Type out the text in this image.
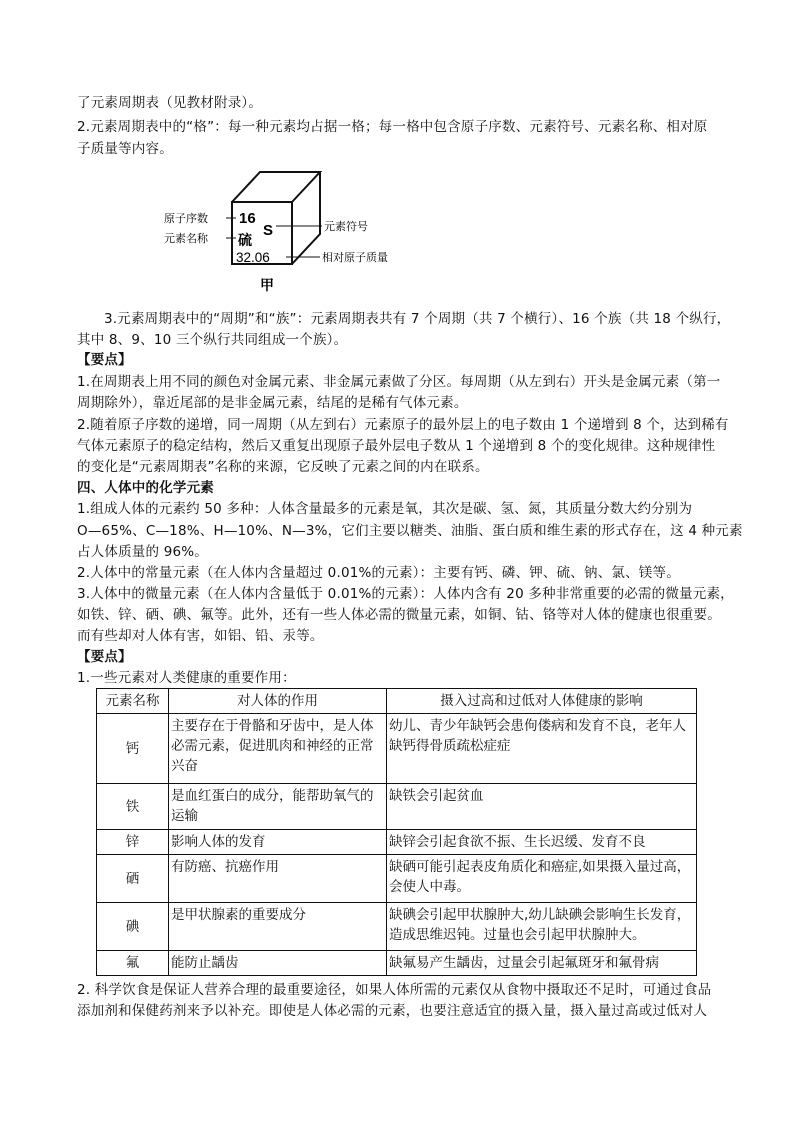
了元素周期表（见教材附录）。
2.元素周期表中的“格”：每一种元素均占据一格；每一格中包含原子序数、元素符号、元素名称、相对原
子质量等内容。
16
S
硫
32.06
原子序数
元素名称
元素符号
相对原子质量
甲
3.元素周期表中的“周期”和“族”：元素周期表共有 7 个周期（共 7 个横行）、16 个族（共 18 个纵行，
其中 8、9、10 三个纵行共同组成一个族）。
【要点】
1.在周期表上用不同的颜色对金属元素、非金属元素做了分区。每周期（从左到右）开头是金属元素（第一
周期除外），靠近尾部的是非金属元素，结尾的是稀有气体元素。
2.随着原子序数的递增，同一周期（从左到右）元素原子的最外层上的电子数由 1 个递增到 8 个，达到稀有
气体元素原子的稳定结构，然后又重复出现原子最外层电子数从 1 个递增到 8 个的变化规律。这种规律性
的变化是“元素周期表”名称的来源，它反映了元素之间的内在联系。
四、人体中的化学元素
1.组成人体的元素约 50 多种：人体含量最多的元素是氧，其次是碳、氢、氮，其质量分数大约分别为
O—65%、C—18%、H—10%、N—3%，它们主要以糖类、油脂、蛋白质和维生素的形式存在，这 4 种元素
占人体质量的 96%。
2.人体中的常量元素（在人体内含量超过 0.01%的元素）：主要有钙、磷、钾、硫、钠、氯、镁等。
3.人体中的微量元素（在人体内含量低于 0.01%的元素）：人体内含有 20 多种非常重要的必需的微量元素，
如铁、锌、硒、碘、氟等。此外，还有一些人体必需的微量元素，如铜、钴、铬等对人体的健康也很重要。
而有些却对人体有害，如铝、铅、汞等。
【要点】
1.一些元素对人类健康的重要作用：
元素名称	对人体的作用	摄入过高和过低对人体健康的影响
钙	主要存在于骨骼和牙齿中，是人体必需元素，促进肌肉和神经的正常兴奋	幼儿、青少年缺钙会患佝偻病和发育不良，老年人缺钙得骨质疏松症症
铁	是血红蛋白的成分，能帮助氧气的运输	缺铁会引起贫血
锌	影响人体的发育	缺锌会引起食欲不振、生长迟缓、发育不良
硒	有防癌、抗癌作用	缺硒可能引起表皮角质化和癌症,如果摄入量过高，会使人中毒。
碘	是甲状腺素的重要成分	缺碘会引起甲状腺肿大,幼儿缺碘会影响生长发育，造成思维迟钝。过量也会引起甲状腺肿大。
氟	能防止龋齿	缺氟易产生龋齿，过量会引起氟斑牙和氟骨病
2. 科学饮食是保证人营养合理的最重要途径，如果人体所需的元素仅从食物中摄取还不足时，可通过食品
添加剂和保健药剂来予以补充。即使是人体必需的元素，也要注意适宜的摄入量，摄入量过高或过低对人
